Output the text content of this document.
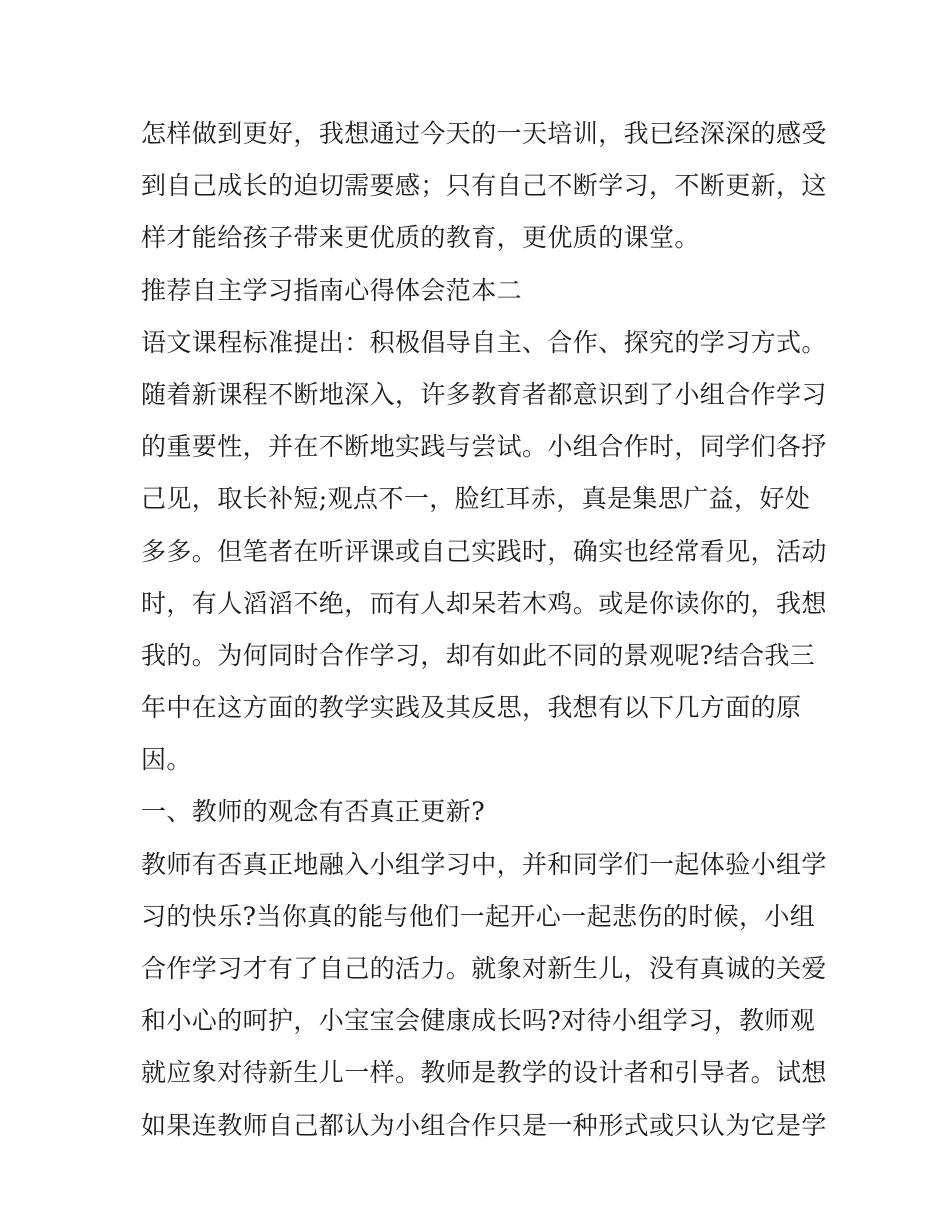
怎样做到更好，我想通过今天的一天培训，我已经深深的感受
到自己成长的迫切需要感；只有自己不断学习，不断更新，这
样才能给孩子带来更优质的教育，更优质的课堂。
推荐自主学习指南心得体会范本二
语文课程标准提出：积极倡导自主、合作、探究的学习方式。
随着新课程不断地深入，许多教育者都意识到了小组合作学习
的重要性，并在不断地实践与尝试。小组合作时，同学们各抒
己见，取长补短;观点不一，脸红耳赤，真是集思广益，好处
多多。但笔者在听评课或自己实践时，确实也经常看见，活动
时，有人滔滔不绝，而有人却呆若木鸡。或是你读你的，我想
我的。为何同时合作学习，却有如此不同的景观呢?结合我三
年中在这方面的教学实践及其反思，我想有以下几方面的原
因。
一、教师的观念有否真正更新?
教师有否真正地融入小组学习中，并和同学们一起体验小组学
习的快乐?当你真的能与他们一起开心一起悲伤的时候，小组
合作学习才有了自己的活力。就象对新生儿，没有真诚的关爱
和小心的呵护，小宝宝会健康成长吗?对待小组学习，教师观
就应象对待新生儿一样。教师是教学的设计者和引导者。试想
如果连教师自己都认为小组合作只是一种形式或只认为它是学
